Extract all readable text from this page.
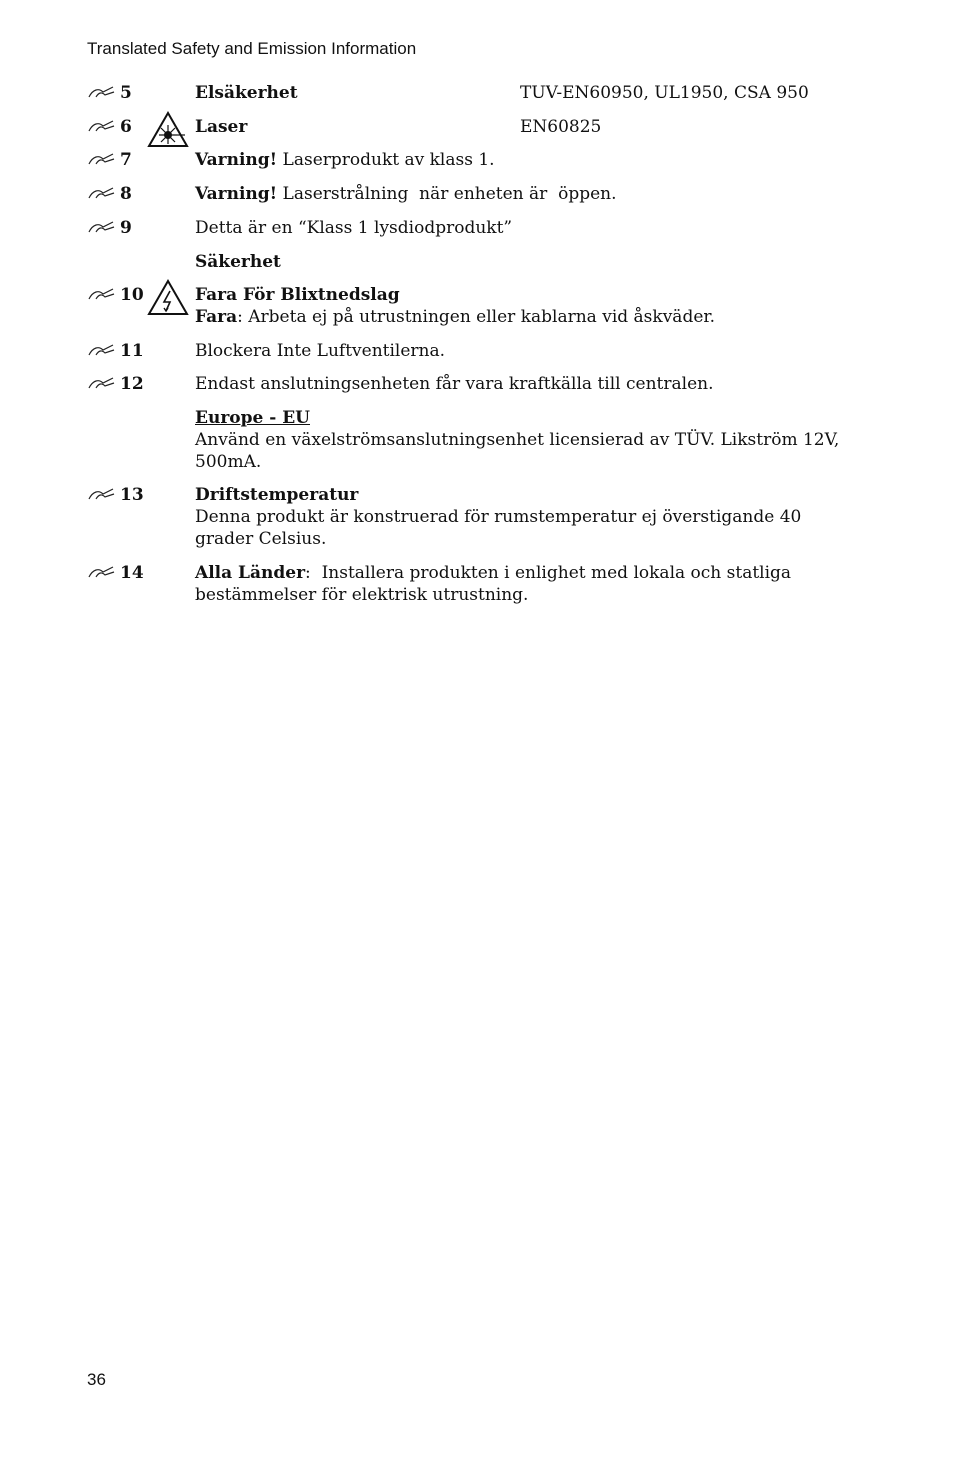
Translated Safety and Emission Information
5	Elsäkerhet	TUV-EN60950, UL1950, CSA 950
6	Laser	EN60825
7	Varning! Laserprodukt av klass 1.
8	Varning! Laserstrålning  när enheten är  öppen.
9	Detta är en “Klass 1 lysdiodprodukt”
Säkerhet
10	Fara För Blixtnedslag
Fara: Arbeta ej på utrustningen eller kablarna vid åskväder.
11	Blockera Inte Luftventilerna.
12	Endast anslutningsenheten får vara kraftkälla till centralen.
Europe - EU
Använd en växelströmsanslutningsenhet licensierad av TÜV. Likström 12V,
500mA.
13	Driftstemperatur
Denna produkt är konstruerad för rumstemperatur ej överstigande 40
grader Celsius.
14	Alla Länder:  Installera produkten i enlighet med lokala och statliga
bestämmelser för elektrisk utrustning.
36
